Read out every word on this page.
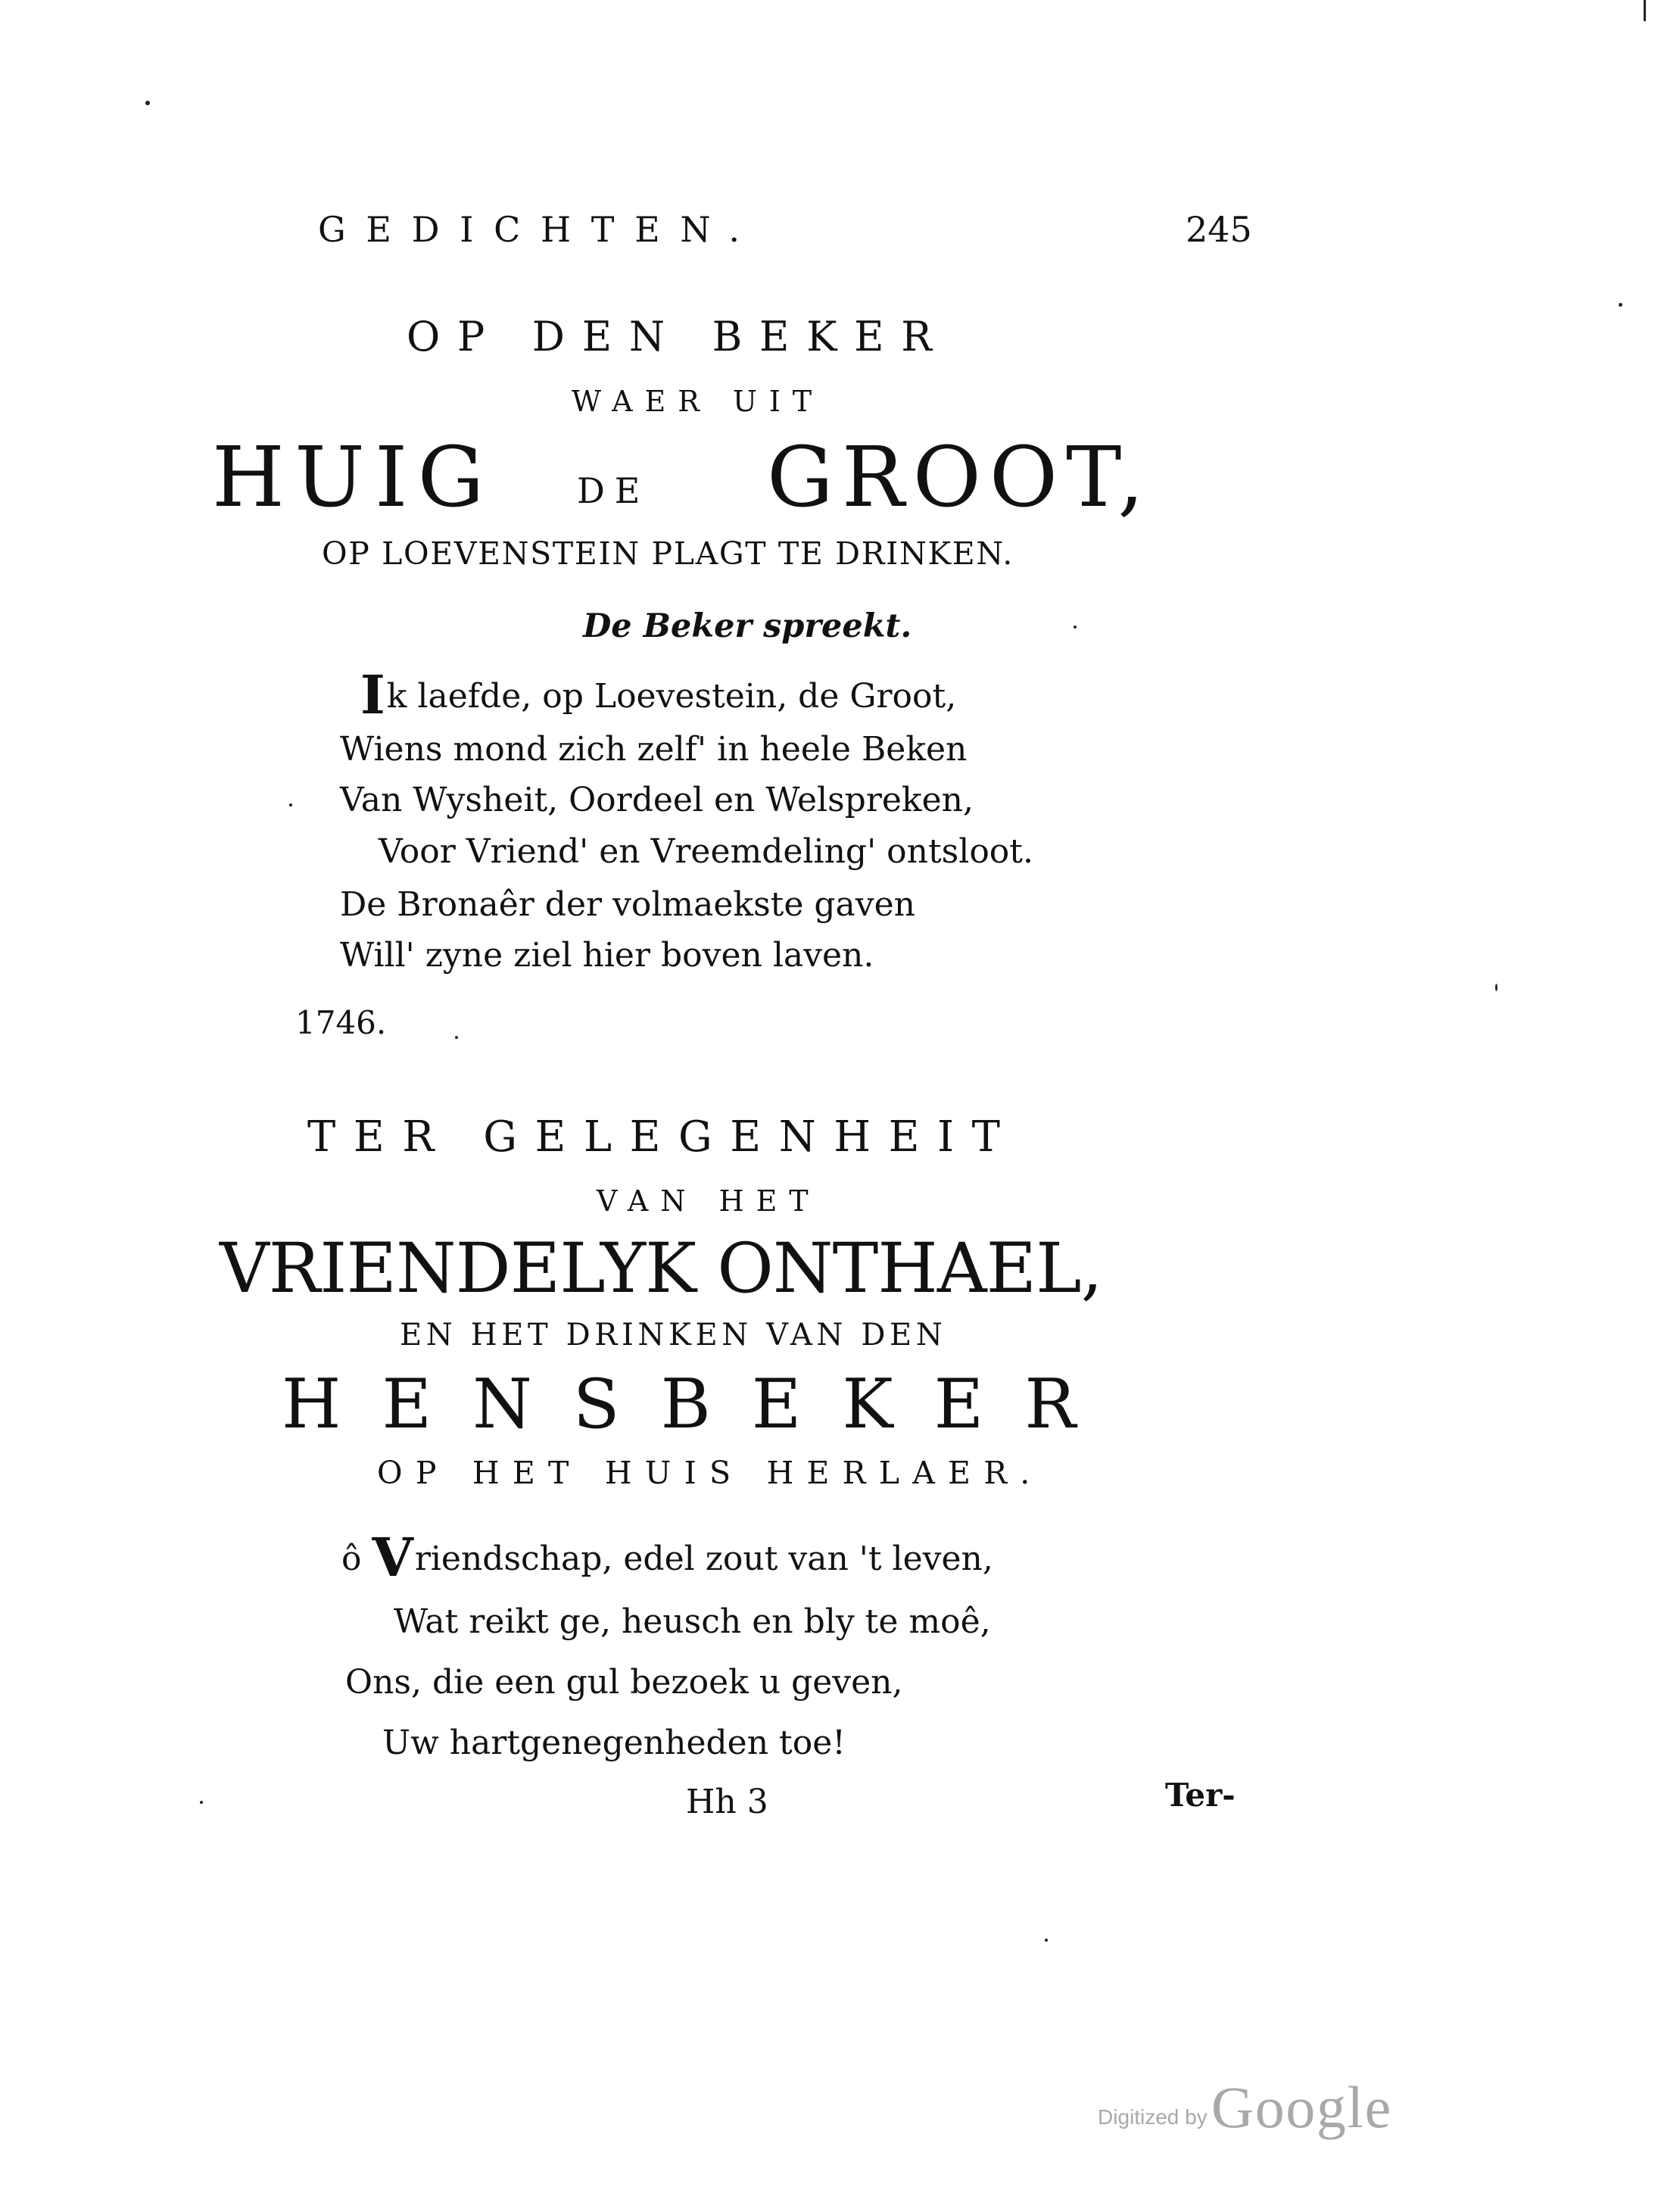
GEDICHTEN.	245
OP DEN BEKER
WAER UIT
HUIG DE GROOT,
OP LOEVENSTEIN PLAGT TE DRINKEN.
De Beker spreekt.
Ik laefde, op Loevestein, de Groot,
Wiens mond zich zelf' in heele Beken
Van Wysheit, Oordeel en Welspreken,
Voor Vriend' en Vreemdeling' ontsloot.
De Bronaêr der volmaekste gaven
Will' zyne ziel hier boven laven.
1746.
TER GELEGENHEIT
VAN HET
VRIENDELYK ONTHAEL,
EN HET DRINKEN VAN DEN
HENSBEKER
OP HET HUIS HERLAER.
ô Vriendschap, edel zout van 't leven,
Wat reikt ge, heusch en bly te moê,
Ons, die een gul bezoek u geven,
Uw hartgenegenheden toe!
Hh 3	Ter-
Digitized by Google
